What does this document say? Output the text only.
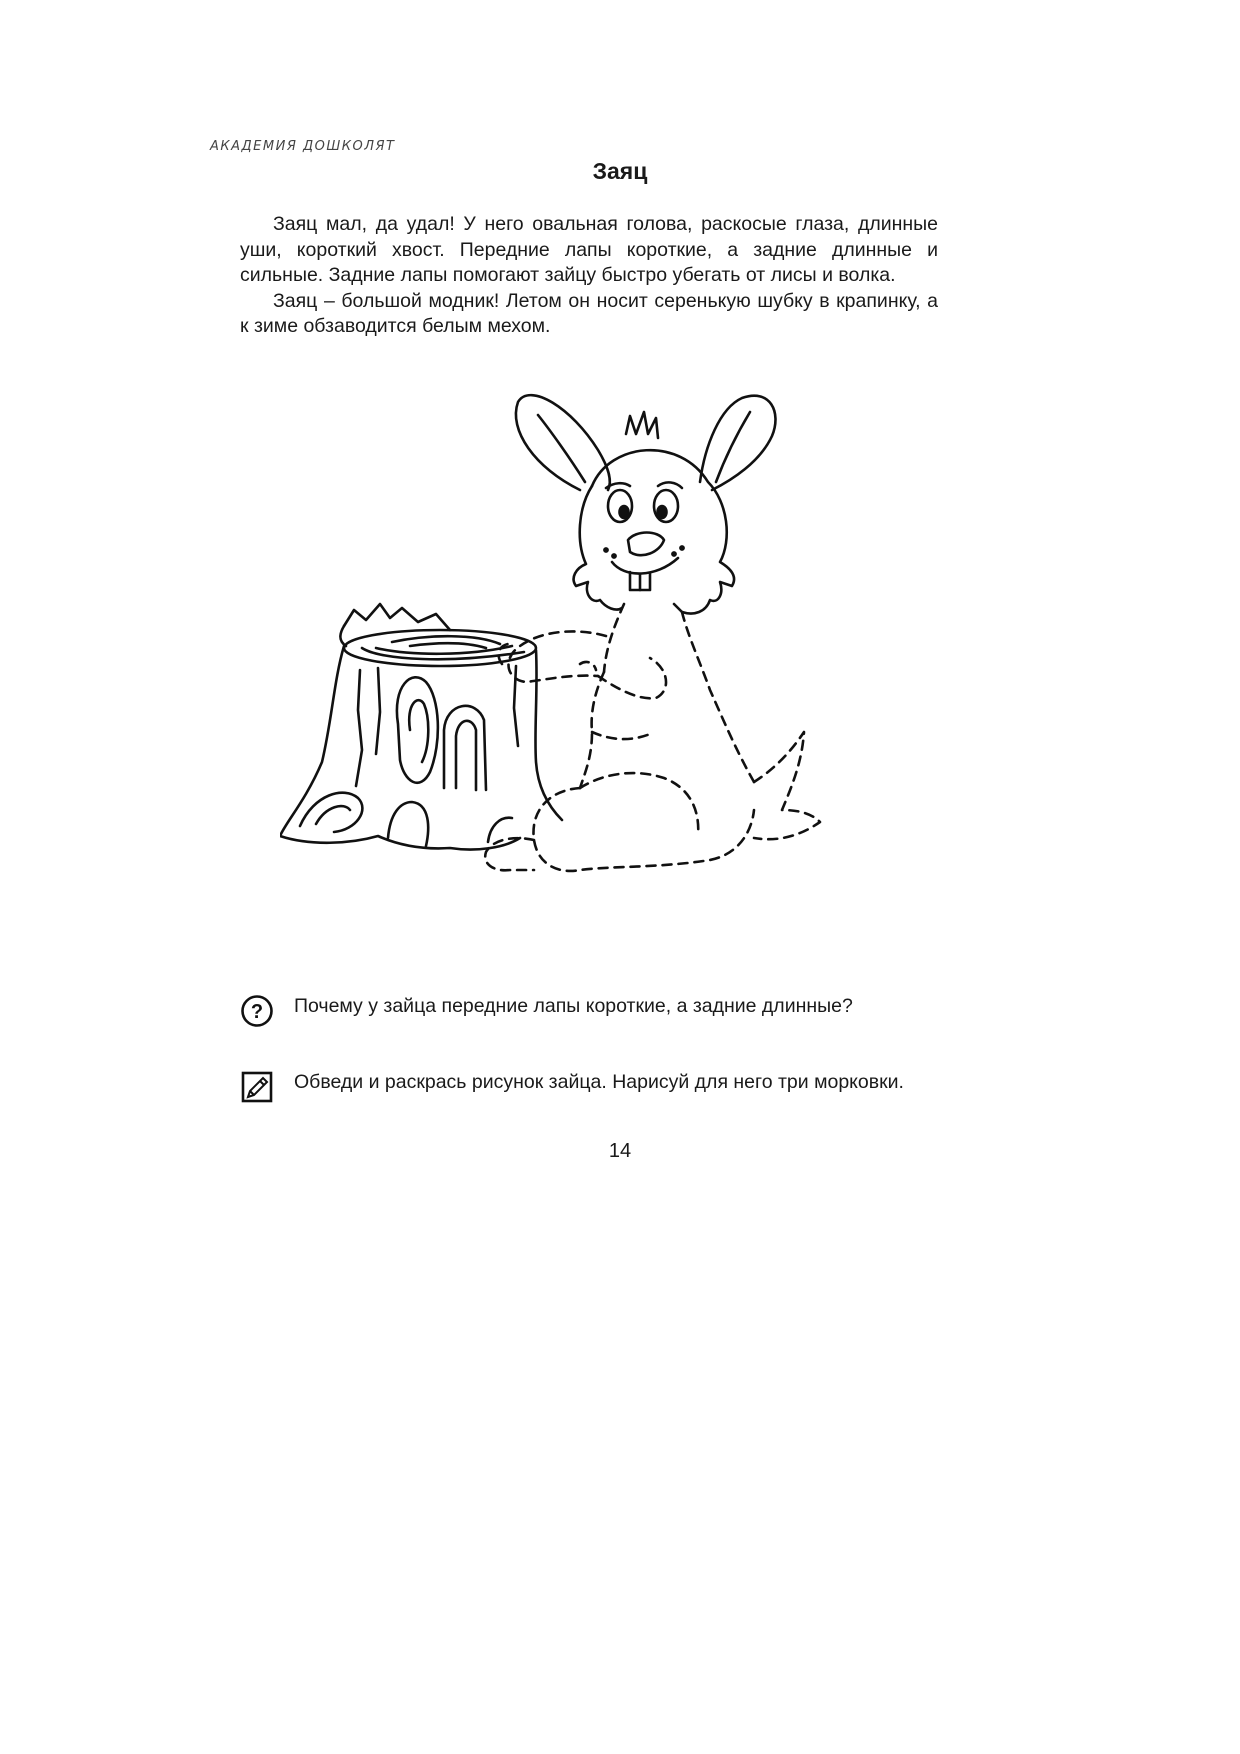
АКАДЕМИЯ ДОШКОЛЯТ
Заяц

Заяц мал, да удал! У него овальная голова, раскосые глаза, длинные уши, короткий хвост. Передние лапы короткие, а задние длинные и сильные. Задние лапы помогают зайцу быстро убегать от лисы и волка.

Заяц – большой модник! Летом он носит серенькую шубку в крапинку, а к зиме обзаводится белым мехом.

? Почему у зайца передние лапы короткие, а задние длинные?
Обведи и раскрась рисунок зайца. Нарисуй для него три морковки.
14
